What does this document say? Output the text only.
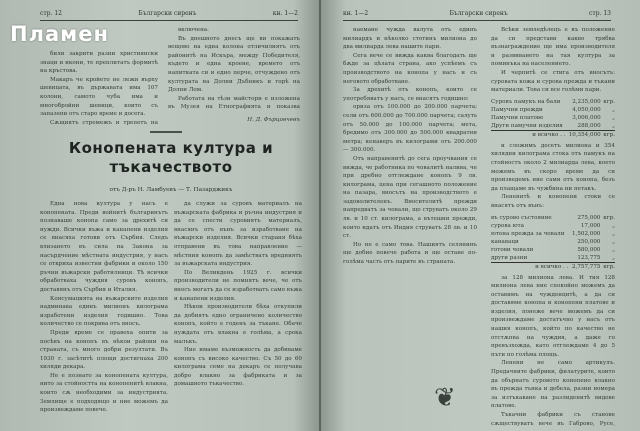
стр. 12	Български сиренъ	кн. 1—2
Пламен

били закрити разни християнски знаци и икони, те преплитатъ формитѣ на кръстова.

Макаръ че кройето не лежи върху шевицата, въ държавата има 107 колони, самото чуба има и многобройни шевици, които съ запазени отъ старо време и досега.

Сѫщиятъ стремежъ и трепетъ на

включена.

Въ днешното днесъ ще ви покажатъ вещово на една колона отличилиятъ отъ районитѣ на Искъра, между Победителя, където и една кроене, времето отъ напитката си и едно перче, отчуждено отъ културата на Долни Дъбникъ и горѣ на Долни Лом.

Работата на тѣзи майстори е изложена въ Музея на Етнографията и показва

Н. Д. Фърцовчевъ
Конопената култура и
тъкачеството
отъ Д-ръ Н. Ламбуевъ — Т. Пазарджикъ

Една нова култура у насъ е конопената. Преди войнитѣ българинътъ познаваше конопа само за дрехитѣ си нужди. Всички въжа и канапени изделия се внасяха готови отъ Сърбия. Следъ влизането въ сила на Закона за насърдчение мѣстната индустрия, у насъ се откриха известни фабрики и около 150 ръчни въжарски работилници. Тѣ всички обработваха чуждия суровъ конопъ, доставянъ отъ Сърбия и Италия.

Консумацията на въжарските изделия надминава единъ милионъ килограма изработени изделия годишно. Това количество се покрива отъ вносъ.

Преди време се правеха опити за посѣвъ на конопъ въ нѣкои райони на страната, съ много добри резултати. Въ 1930 г. засѣтитѣ площи достигнаха 200 хиляди декара.

Не е познато за конопената култура, нито за стойността на конопенитѣ влакна, които сѫ необходими за индустрията. Землище е подходящо и ние можемъ да произвеждаме повече.

да служи за суровъ материалъ на въжарската фабрика и ръчна индустрия и да се спести суровиятъ материалъ, внасянъ отъ вънъ за изработване на въжарски изделия. Всички стараня бѣха отправени въ това направление — мѣстния конопъ да замѣстватъ вредниятъ за въжарската индустрия.

По Великдень 1925 г. всички производители не помнятъ вече, че отъ вносъ могатъ да се изработватъ само въжа и канапени изделия.

Нѣкои производители бѣха откупили да добиятъ едно ограничено количество конопъ, който е годенъ за тъкане. Обаче нуждата отъ влакна е голѣма, а срока малъкъ.

Ние имаме възможность да добиваме конопъ съ високо качество. Съ 50 до 60 килограма семе на декаръ се получава добро влакно за фабриката и за домашното тъкачество.

кн. 1—2	Български сиренъ	стр. 13

наемане чужда валута отъ единъ милиардъ и нѣколко стотинъ милиона до два милиарда лева нашите пари.

Сега вече се вижда каква благодать ще бѫде за цѣлата страна, ако успѣемъ съ производството на конопа у насъ и съ неговото обработване.

За дрехитѣ отъ конопъ, които се употребяватъ у насъ, се внасятъ годишно:

ориза отъ 100.000 до 200.000 парчета; сели отъ 600.000 до 700.000 парчета; салуть отъ 50.000 до 100.000 парчета; мета, бредимо отъ 300.000 до 500.000 квадратни метра; кенаверъ въ килограми отъ 200.000 — 300.000.

Отъ направенитѣ до сега проучвания се вижда, че работника по човалитѣ налива, че при дребно отглеждане конопъ 9 лв. килограма, цена при сегашното положение на пазара, вносътъ на производството е задоволителенъ. Вносителитѣ прежди напредватъ за човали, що струватъ около 29 лв. и 10 ст. килограма, а вътешни прежди, които идатъ отъ Индия струватъ 28 лв. и 10 ст.

Но не е само това. Нашиятъ селянинъ ще добие повече работа и ще остане по-голѣма часть отъ парите въ страната.

❦

Всѣки земледѣлецъ е въ положение да си представи какво трябва възнаграждение ще има производителя и развиването на тая култура за поминъка на населението.

И черпитѣ се стига отъ вносътъ: суровата кожа и сурова прежда и тъкани материали. Това си все голѣми пари.

Суровъ памукъ на бали	2,235,000	кгр.
Памучни прежди	4,050,000	„
Памучни платове	3,006,000	„
Други памучни изделия	288,000	„
и всичко . .	10,354,000	кгр.

и сложимъ десетъ милиона и 354 хилядни килограма стока отъ памукъ на стойностъ около 2 милиарда лева, което можемъ въ скоро време да си произведемъ ние сами отъ конопа, безъ да плащаме въ чужбина ни петакъ.

Лененитѣ и конопени стоки се внасятъ отъ вънъ:

въ сурово състояние	275,000	кгр.
сурова юта	17,000	„
ютена прежда за човали	1,502,000	„
канаваци	250,000	„
готови човали	580,000	„
други разни	123,775	„
и всичко . .	2,757,775	кгр.

за 128 милиона лева. И тия 128 милиона лева ние спокойно можемъ да оставимъ на чужденцитѣ, а да си доставяме конопа и конопени платове и изделия, понеже вече можемъ да си произвеждаме достатъчно у насъ отъ нашия конопъ, който по качество не отстѫпва на чуждия, а даже го превъзхожда, като отглеждаме 4 до 5 пъти по голѣма площь.

Ленени не само артикулъ. Предачните фабрики, филатурите, които да обърнатъ суровото конопено влакно въ прежда тънка и дебела, разни номера за изтъкаване на разлиденитѣ видове платове.

Тъкачни фабрики съ станове сѫществуватъ вече въ Габрово, Русе,
